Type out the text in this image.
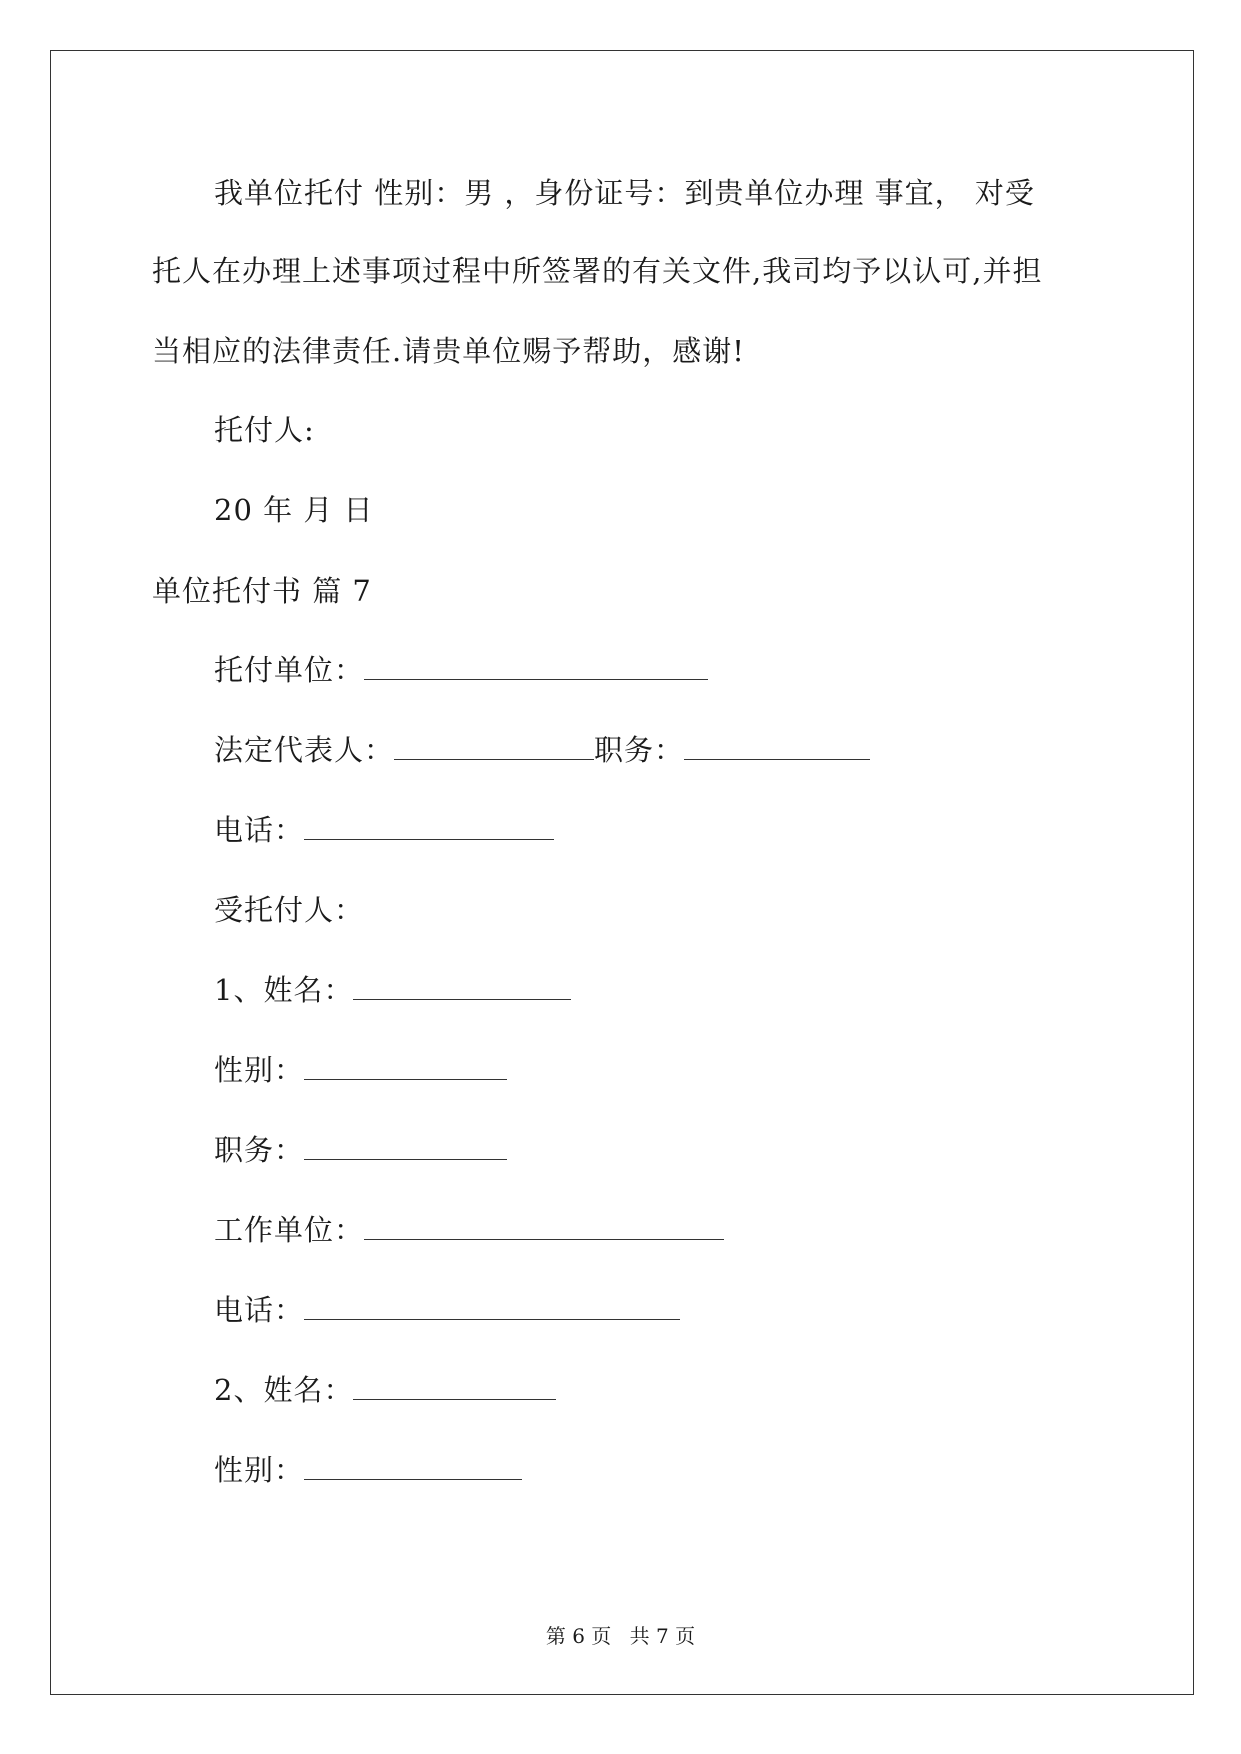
我单位托付 性别：男 ，身份证号：到贵单位办理 事宜， 对受
托人在办理上述事项过程中所签署的有关文件,我司均予以认可,并担
当相应的法律责任.请贵单位赐予帮助，感谢!
托付人:
20 年 月 日
单位托付书 篇 7
托付单位：
法定代表人：	职务：
电话：
受托付人：
1、姓名：
性别：
职务：
工作单位：
电话：
2、姓名：
性别：
第 6 页 共 7 页
